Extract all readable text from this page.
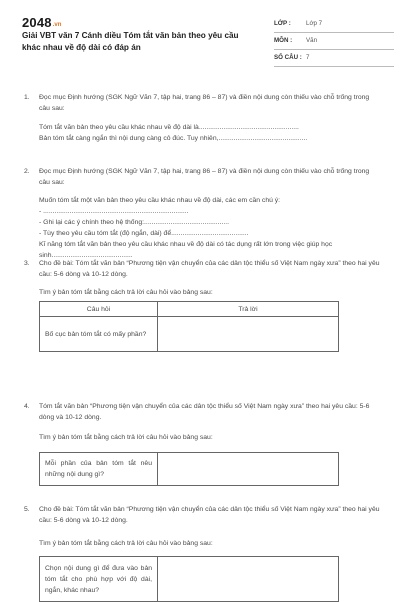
2048.vn
Giải VBT văn 7 Cánh diều Tóm tắt văn bản theo yêu cầu khác nhau về độ dài có đáp án
LỚP : Lớp 7
MÔN : Văn
SỐ CÂU : 7
1. Đọc mục Định hướng (SGK Ngữ Văn 7, tập hai, trang 86 – 87) và điền nội dung còn thiếu vào chỗ trống trong câu sau:

Tóm tắt văn bản theo yêu cầu khác nhau về độ dài là.....................................................

Bản tóm tắt càng ngắn thì nội dung càng cô đúc. Tuy nhiên,...............................................

2. Đọc mục Định hướng (SGK Ngữ Văn 7, tập hai, trang 86 – 87) và điền nội dung còn thiếu vào chỗ trống trong câu sau:

Muốn tóm tắt một văn bản theo yêu cầu khác nhau về độ dài, các em cần chú ý:

- .............................................................................

- Ghi lại các ý chính theo hệ thống:.............................................

- Tùy theo yêu cầu tóm tắt (độ ngắn, dài) để.........................................

Kĩ năng tóm tắt văn bản theo yêu cầu khác nhau về độ dài có tác dụng rất lớn trong việc giúp học sinh...........................................

3. Cho đề bài: Tóm tắt văn bản “Phương tiện vận chuyển của các dân tộc thiểu số Việt Nam ngày xưa” theo hai yêu cầu: 5-6 dòng và 10-12 dòng.
Tìm ý bản tóm tắt bằng cách trả lời câu hỏi vào bảng sau:
Câu hỏi	Trả lời
Bố cục bản tóm tắt có mấy phần?	
4. Tóm tắt văn bản “Phương tiện vận chuyển của các dân tộc thiểu số Việt Nam ngày xưa” theo hai yêu cầu: 5-6 dòng và 10-12 dòng.
Tìm ý bản tóm tắt bằng cách trả lời câu hỏi vào bảng sau:
Mỗi phần của bản tóm tắt nêu những nội dung gì?	
5. Cho đề bài: Tóm tắt văn bản “Phương tiện vận chuyển của các dân tộc thiểu số Việt Nam ngày xưa” theo hai yêu cầu: 5-6 dòng và 10-12 dòng.
Tìm ý bản tóm tắt bằng cách trả lời câu hỏi vào bảng sau:
Chọn nội dung gì để đưa vào bản tóm tắt cho phù hợp với độ dài, ngắn, khác nhau?	
